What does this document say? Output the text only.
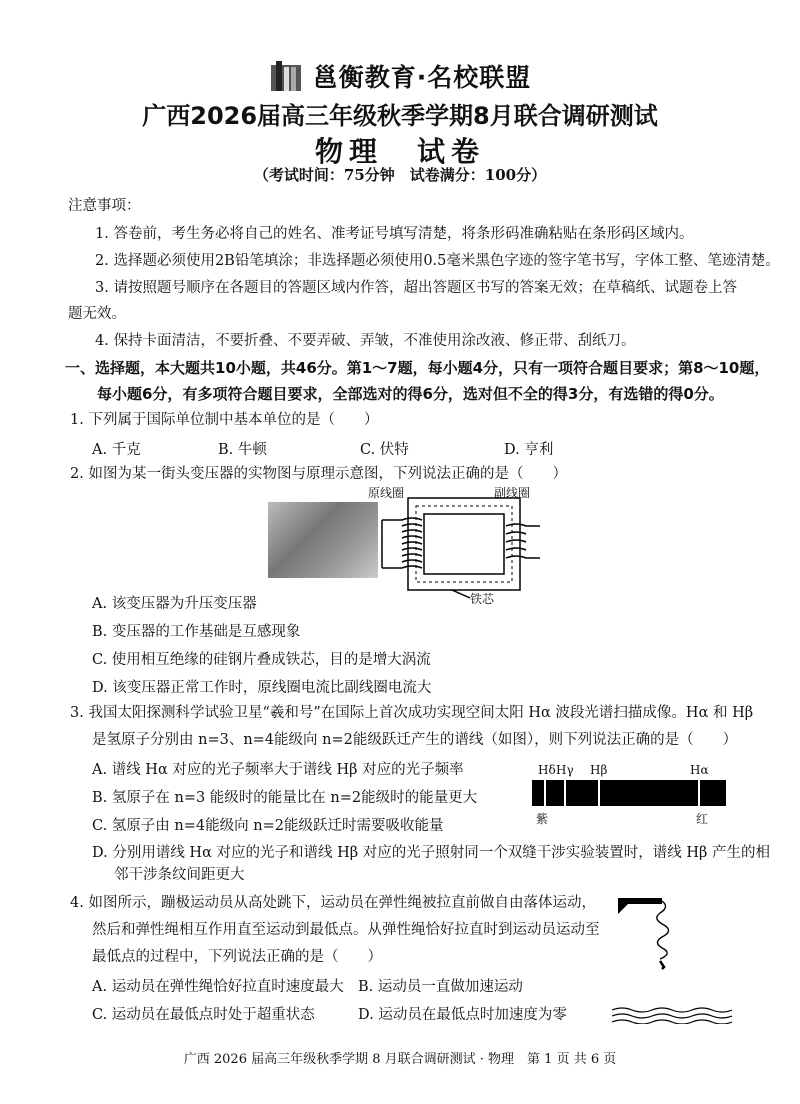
邕衡教育·名校联盟
广西2026届高三年级秋季学期8月联合调研测试
物理　试卷
（考试时间：75分钟　试卷满分：100分）
注意事项：
1. 答卷前，考生务必将自己的姓名、准考证号填写清楚，将条形码准确粘贴在条形码区域内。
2. 选择题必须使用2B铅笔填涂；非选择题必须使用0.5毫米黑色字迹的签字笔书写，字体工整、笔迹清楚。
3. 请按照题号顺序在各题目的答题区域内作答，超出答题区书写的答案无效；在草稿纸、试题卷上答
题无效。
4. 保持卡面清洁，不要折叠、不要弄破、弄皱，不准使用涂改液、修正带、刮纸刀。
一、选择题，本大题共10小题，共46分。第1～7题，每小题4分，只有一项符合题目要求；第8～10题，
每小题6分，有多项符合题目要求，全部选对的得6分，选对但不全的得3分，有选错的得0分。
1. 下列属于国际单位制中基本单位的是（　　）
A. 千克	B. 牛顿	C. 伏特	D. 亨利
2. 如图为某一街头变压器的实物图与原理示意图，下列说法正确的是（　　）
原线圈	副线圈
铁芯
A. 该变压器为升压变压器
B. 变压器的工作基础是互感现象
C. 使用相互绝缘的硅钢片叠成铁芯，目的是增大涡流
D. 该变压器正常工作时，原线圈电流比副线圈电流大
3. 我国太阳探测科学试验卫星“羲和号”在国际上首次成功实现空间太阳 Hα 波段光谱扫描成像。Hα 和 Hβ
是氢原子分别由 n=3、n=4能级向 n=2能级跃迁产生的谱线（如图），则下列说法正确的是（　　）
A. 谱线 Hα 对应的光子频率大于谱线 Hβ 对应的光子频率
B. 氢原子在 n=3 能级时的能量比在 n=2能级时的能量更大
C. 氢原子由 n=4能级向 n=2能级跃迁时需要吸收能量
D. 分别用谱线 Hα 对应的光子和谱线 Hβ 对应的光子照射同一个双缝干涉实验装置时，谱线 Hβ 产生的相
邻干涉条纹间距更大
Hδ Hγ Hβ	Hα
紫	红
4. 如图所示，蹦极运动员从高处跳下，运动员在弹性绳被拉直前做自由落体运动，
然后和弹性绳相互作用直至运动到最低点。从弹性绳恰好拉直时到运动员运动至
最低点的过程中，下列说法正确的是（　　）
A. 运动员在弹性绳恰好拉直时速度最大 B. 运动员一直做加速运动
C. 运动员在最低点时处于超重状态	D. 运动员在最低点时加速度为零
广西 2026 届高三年级秋季学期 8 月联合调研测试 · 物理　第 1 页 共 6 页
